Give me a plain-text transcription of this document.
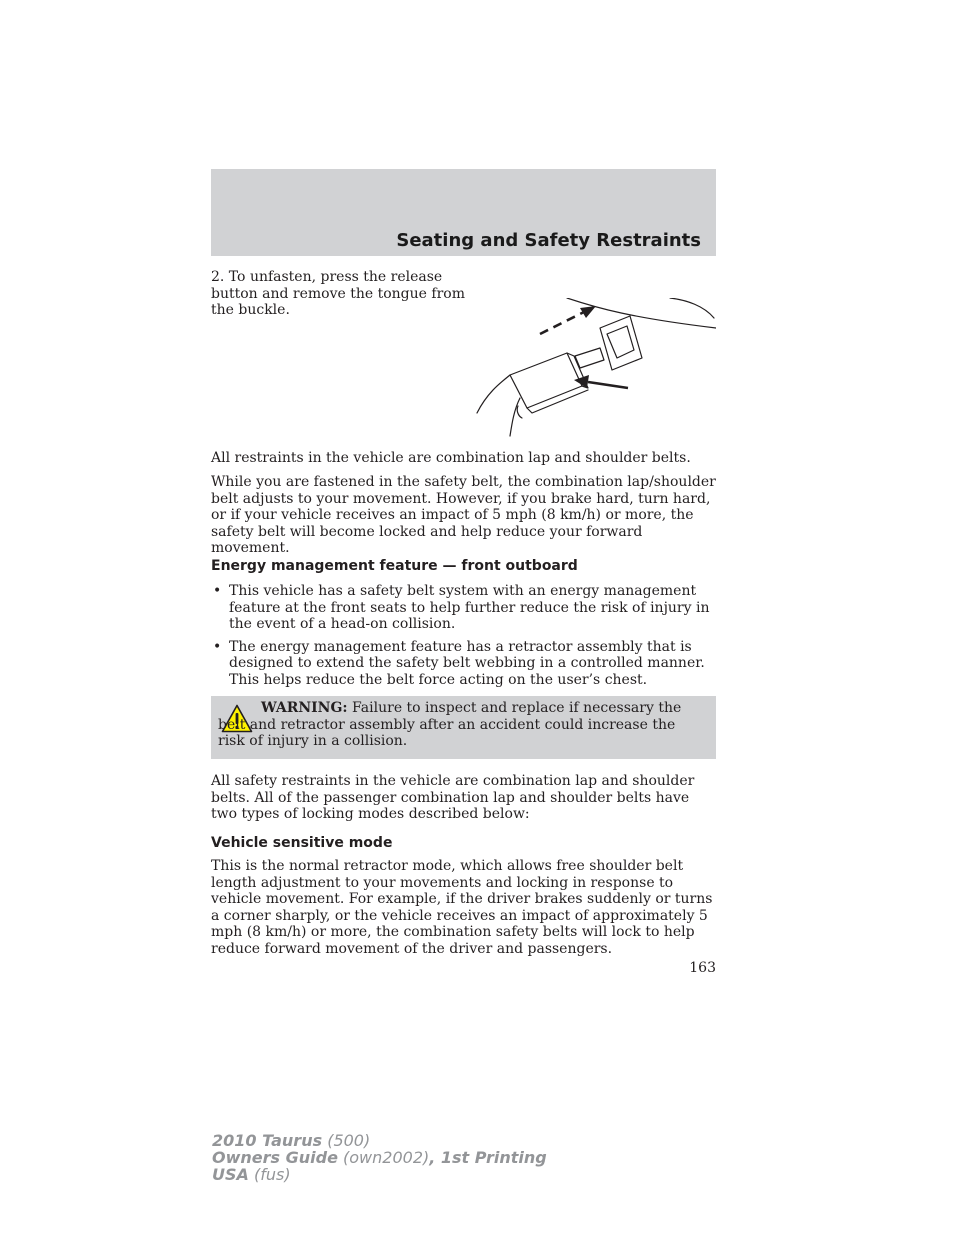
Seating and Safety Restraints

2. To unfasten, press the release button and remove the tongue from the buckle.

All restraints in the vehicle are combination lap and shoulder belts.

While you are fastened in the safety belt, the combination lap/shoulder belt adjusts to your movement. However, if you brake hard, turn hard, or if your vehicle receives an impact of 5 mph (8 km/h) or more, the safety belt will become locked and help reduce your forward movement.

Energy management feature — front outboard
• This vehicle has a safety belt system with an energy management feature at the front seats to help further reduce the risk of injury in the event of a head-on collision.
• The energy management feature has a retractor assembly that is designed to extend the safety belt webbing in a controlled manner. This helps reduce the belt force acting on the user’s chest.

WARNING: Failure to inspect and replace if necessary the belt and retractor assembly after an accident could increase the risk of injury in a collision.

All safety restraints in the vehicle are combination lap and shoulder belts. All of the passenger combination lap and shoulder belts have two types of locking modes described below:

Vehicle sensitive mode

This is the normal retractor mode, which allows free shoulder belt length adjustment to your movements and locking in response to vehicle movement. For example, if the driver brakes suddenly or turns a corner sharply, or the vehicle receives an impact of approximately 5 mph (8 km/h) or more, the combination safety belts will lock to help reduce forward movement of the driver and passengers.

163

2010 Taurus (500)

Owners Guide (own2002), 1st Printing

USA (fus)
